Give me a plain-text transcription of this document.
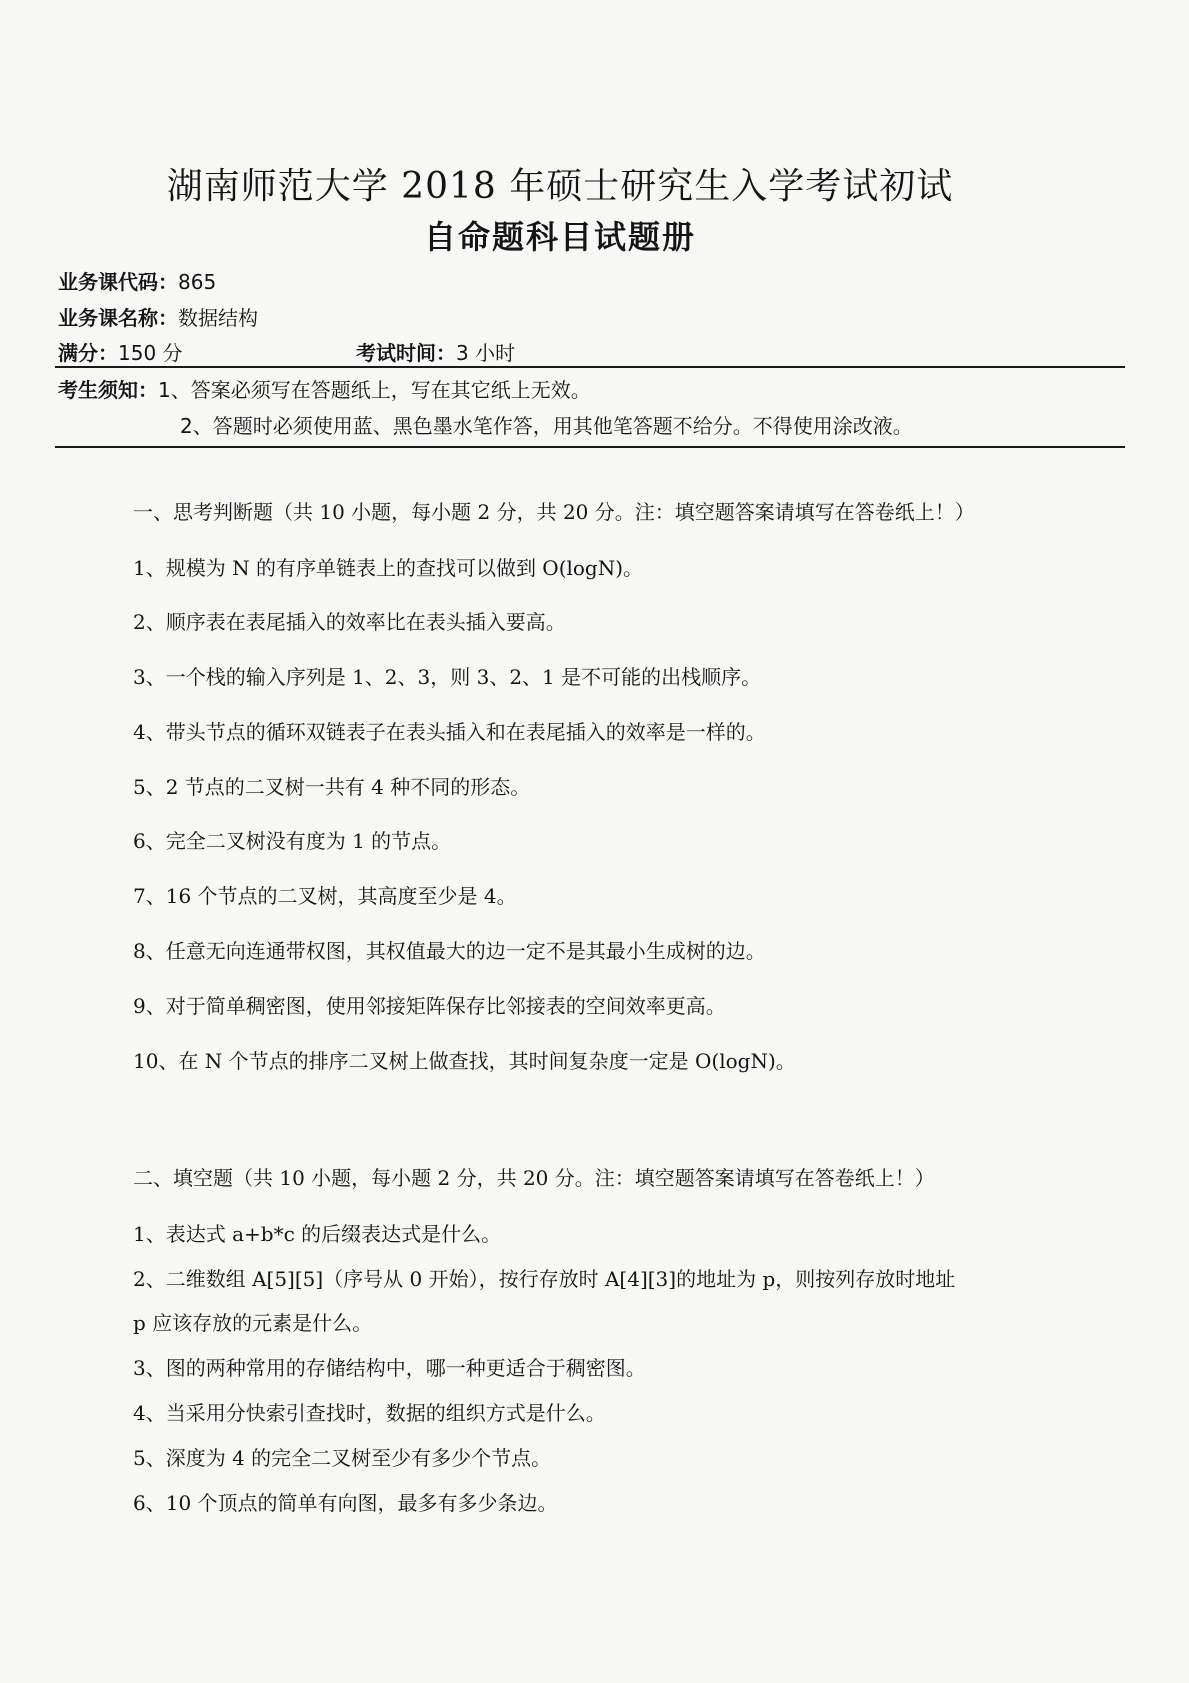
湖南师范大学 2018 年硕士研究生入学考试初试
自命题科目试题册
业务课代码：865
业务课名称：数据结构
满分：150 分	考试时间：3 小时
考生须知：1、答案必须写在答题纸上，写在其它纸上无效。
2、答题时必须使用蓝、黑色墨水笔作答，用其他笔答题不给分。不得使用涂改液。
一、思考判断题（共 10 小题，每小题 2 分，共 20 分。注：填空题答案请填写在答卷纸上！）
1、规模为 N 的有序单链表上的查找可以做到 O(logN)。
2、顺序表在表尾插入的效率比在表头插入要高。
3、一个栈的输入序列是 1、2、3，则 3、2、1 是不可能的出栈顺序。
4、带头节点的循环双链表子在表头插入和在表尾插入的效率是一样的。
5、2 节点的二叉树一共有 4 种不同的形态。
6、完全二叉树没有度为 1 的节点。
7、16 个节点的二叉树，其高度至少是 4。
8、任意无向连通带权图，其权值最大的边一定不是其最小生成树的边。
9、对于简单稠密图，使用邻接矩阵保存比邻接表的空间效率更高。
10、在 N 个节点的排序二叉树上做查找，其时间复杂度一定是 O(logN)。
二、填空题（共 10 小题，每小题 2 分，共 20 分。注：填空题答案请填写在答卷纸上！）
1、表达式 a+b*c 的后缀表达式是什么。
2、二维数组 A[5][5]（序号从 0 开始），按行存放时 A[4][3]的地址为 p，则按列存放时地址
p 应该存放的元素是什么。
3、图的两种常用的存储结构中，哪一种更适合于稠密图。
4、当采用分快索引查找时，数据的组织方式是什么。
5、深度为 4 的完全二叉树至少有多少个节点。
6、10 个顶点的简单有向图，最多有多少条边。
